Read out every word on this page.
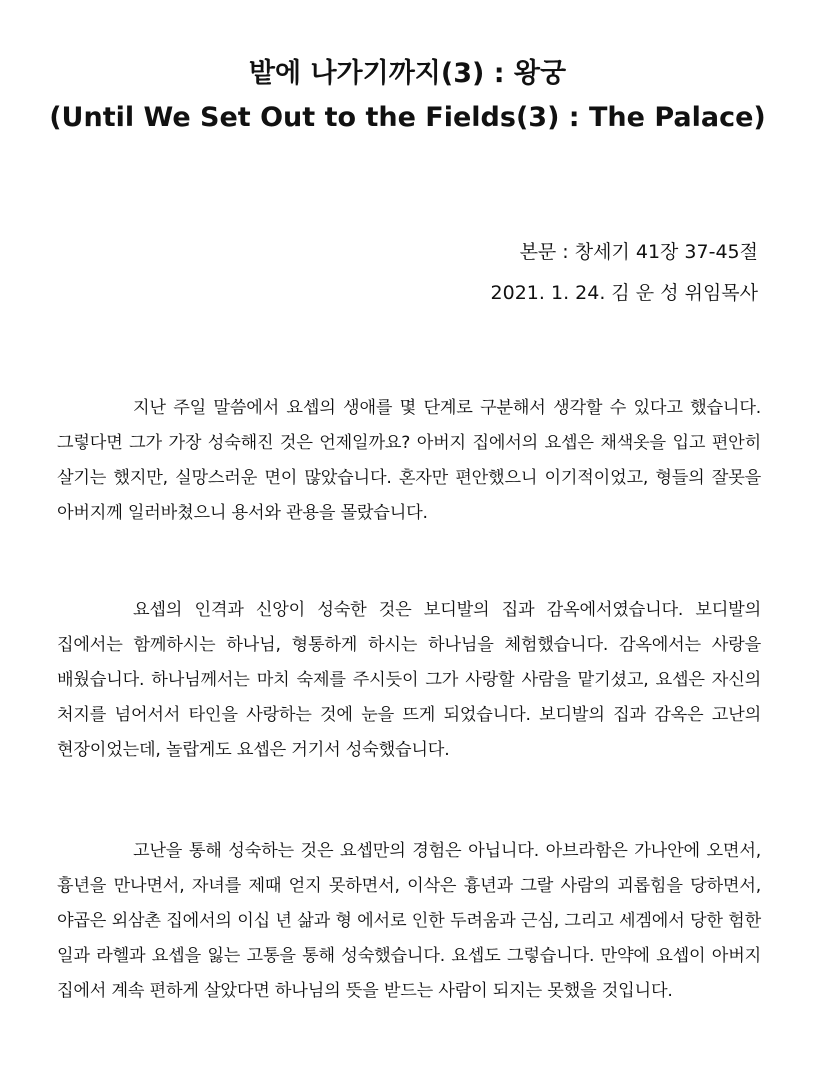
밭에 나가기까지(3) : 왕궁
(Until We Set Out to the Fields(3) : The Palace)
본문 : 창세기 41장 37-45절
2021. 1. 24. 김 운 성 위임목사

지난 주일 말씀에서 요셉의 생애를 몇 단계로 구분해서 생각할 수 있다고 했습니다. 그렇다면 그가 가장 성숙해진 것은 언제일까요? 아버지 집에서의 요셉은 채색옷을 입고 편안히 살기는 했지만, 실망스러운 면이 많았습니다. 혼자만 편안했으니 이기적이었고, 형들의 잘못을 아버지께 일러바쳤으니 용서와 관용을 몰랐습니다.

요셉의 인격과 신앙이 성숙한 것은 보디발의 집과 감옥에서였습니다. 보디발의 집에서는 함께하시는 하나님, 형통하게 하시는 하나님을 체험했습니다. 감옥에서는 사랑을 배웠습니다. 하나님께서는 마치 숙제를 주시듯이 그가 사랑할 사람을 맡기셨고, 요셉은 자신의 처지를 넘어서서 타인을 사랑하는 것에 눈을 뜨게 되었습니다. 보디발의 집과 감옥은 고난의 현장이었는데, 놀랍게도 요셉은 거기서 성숙했습니다.

고난을 통해 성숙하는 것은 요셉만의 경험은 아닙니다. 아브라함은 가나안에 오면서, 흉년을 만나면서, 자녀를 제때 얻지 못하면서, 이삭은 흉년과 그랄 사람의 괴롭힘을 당하면서, 야곱은 외삼촌 집에서의 이십 년 삶과 형 에서로 인한 두려움과 근심, 그리고 세겜에서 당한 험한 일과 라헬과 요셉을 잃는 고통을 통해 성숙했습니다. 요셉도 그렇습니다. 만약에 요셉이 아버지 집에서 계속 편하게 살았다면 하나님의 뜻을 받드는 사람이 되지는 못했을 것입니다.
